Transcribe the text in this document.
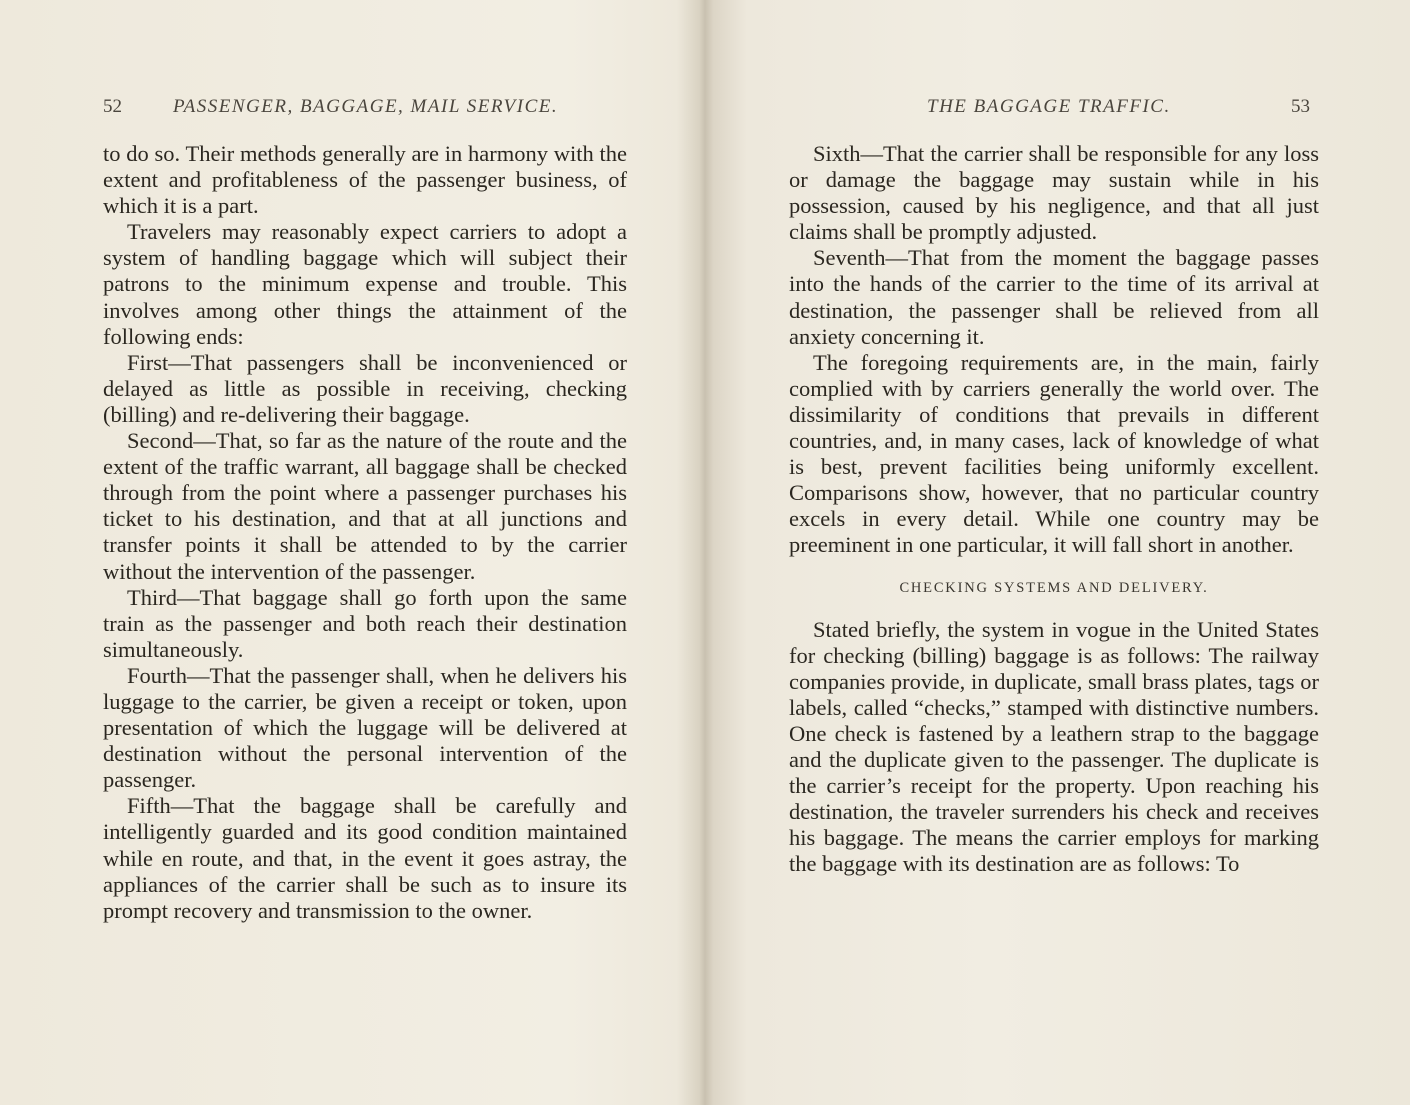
52	PASSENGER, BAGGAGE, MAIL SERVICE.

to do so. Their methods generally are in harmony with the extent and profitableness of the passenger business, of which it is a part.

Travelers may reasonably expect carriers to adopt a system of handling baggage which will subject their patrons to the minimum expense and trouble. This involves among other things the attainment of the following ends:

First—That passengers shall be inconvenienced or delayed as little as possible in receiving, checking (billing) and re-delivering their baggage.

Second—That, so far as the nature of the route and the extent of the traffic warrant, all baggage shall be checked through from the point where a passenger purchases his ticket to his destination, and that at all junctions and transfer points it shall be attended to by the carrier without the intervention of the passenger.

Third—That baggage shall go forth upon the same train as the passenger and both reach their destination simultaneously.

Fourth—That the passenger shall, when he delivers his luggage to the carrier, be given a receipt or token, upon presentation of which the luggage will be delivered at destination without the personal intervention of the passenger.

Fifth—That the baggage shall be carefully and intelligently guarded and its good condition maintained while en route, and that, in the event it goes astray, the appliances of the carrier shall be such as to insure its prompt recovery and transmission to the owner.

THE BAGGAGE TRAFFIC.	53

Sixth—That the carrier shall be responsible for any loss or damage the baggage may sustain while in his possession, caused by his negligence, and that all just claims shall be promptly adjusted.

Seventh—That from the moment the baggage passes into the hands of the carrier to the time of its arrival at destination, the passenger shall be relieved from all anxiety concerning it.

The foregoing requirements are, in the main, fairly complied with by carriers generally the world over. The dissimilarity of conditions that prevails in different countries, and, in many cases, lack of knowledge of what is best, prevent facilities being uniformly excellent. Comparisons show, however, that no particular country excels in every detail. While one country may be preeminent in one particular, it will fall short in another.

CHECKING SYSTEMS AND DELIVERY.

Stated briefly, the system in vogue in the United States for checking (billing) baggage is as follows: The railway companies provide, in duplicate, small brass plates, tags or labels, called “checks,” stamped with distinctive numbers. One check is fastened by a leathern strap to the baggage and the duplicate given to the passenger. The duplicate is the carrier’s receipt for the property. Upon reaching his destination, the traveler surrenders his check and receives his baggage. The means the carrier employs for marking the baggage with its destination are as follows: To
